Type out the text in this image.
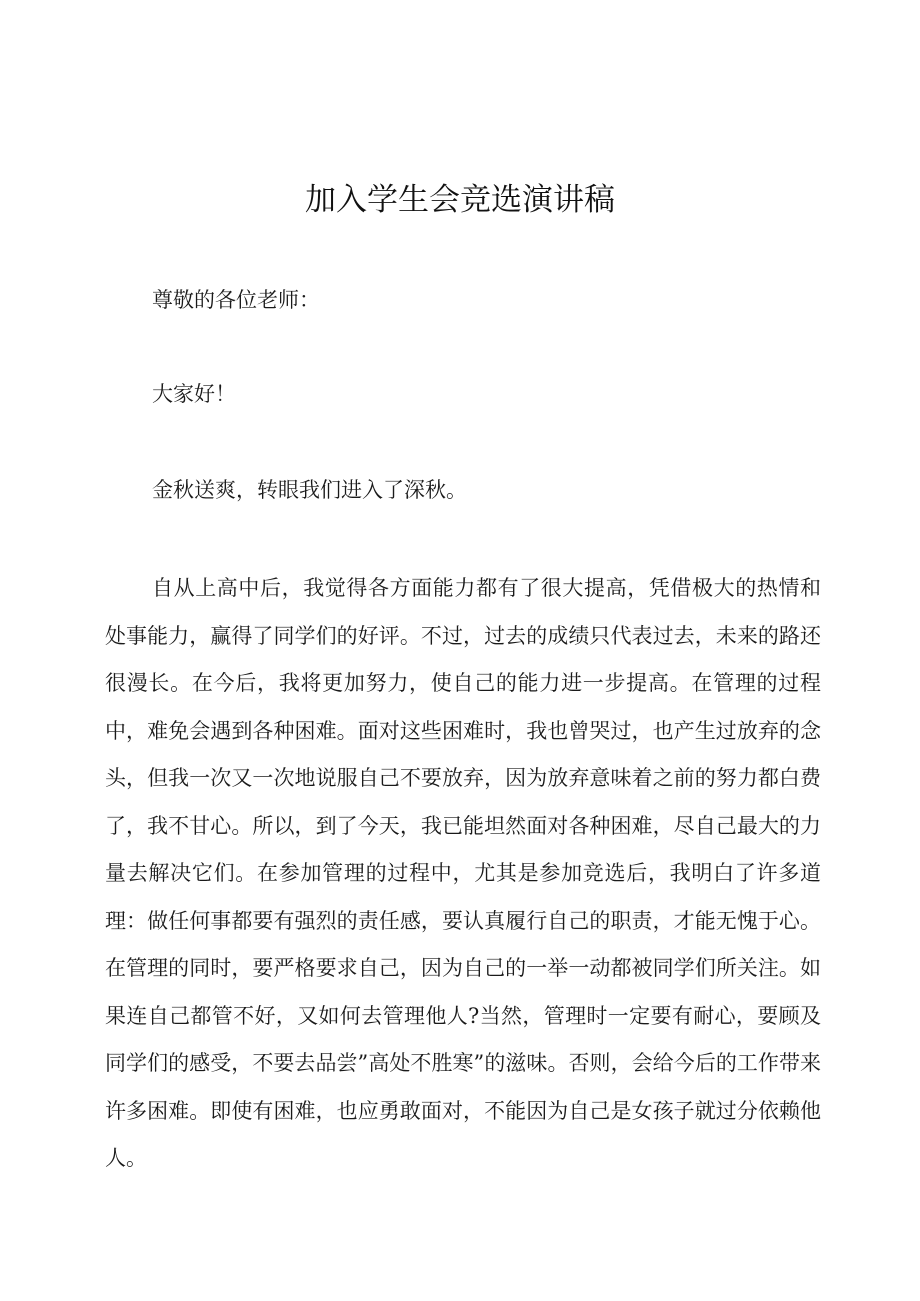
加入学生会竞选演讲稿

尊敬的各位老师：

大家好！

金秋送爽，转眼我们进入了深秋。

自从上高中后，我觉得各方面能力都有了很大提高，凭借极大的热情和处事能力，赢得了同学们的好评。不过，过去的成绩只代表过去，未来的路还很漫长。在今后，我将更加努力，使自己的能力进一步提高。在管理的过程中，难免会遇到各种困难。面对这些困难时，我也曾哭过，也产生过放弃的念头，但我一次又一次地说服自己不要放弃，因为放弃意味着之前的努力都白费了，我不甘心。所以，到了今天，我已能坦然面对各种困难，尽自己最大的力量去解决它们。在参加管理的过程中，尤其是参加竞选后，我明白了许多道理：做任何事都要有强烈的责任感，要认真履行自己的职责，才能无愧于心。在管理的同时，要严格要求自己，因为自己的一举一动都被同学们所关注。如果连自己都管不好，又如何去管理他人?当然，管理时一定要有耐心，要顾及同学们的感受，不要去品尝”高处不胜寒”的滋味。否则，会给今后的工作带来许多困难。即使有困难，也应勇敢面对，不能因为自己是女孩子就过分依赖他人。
